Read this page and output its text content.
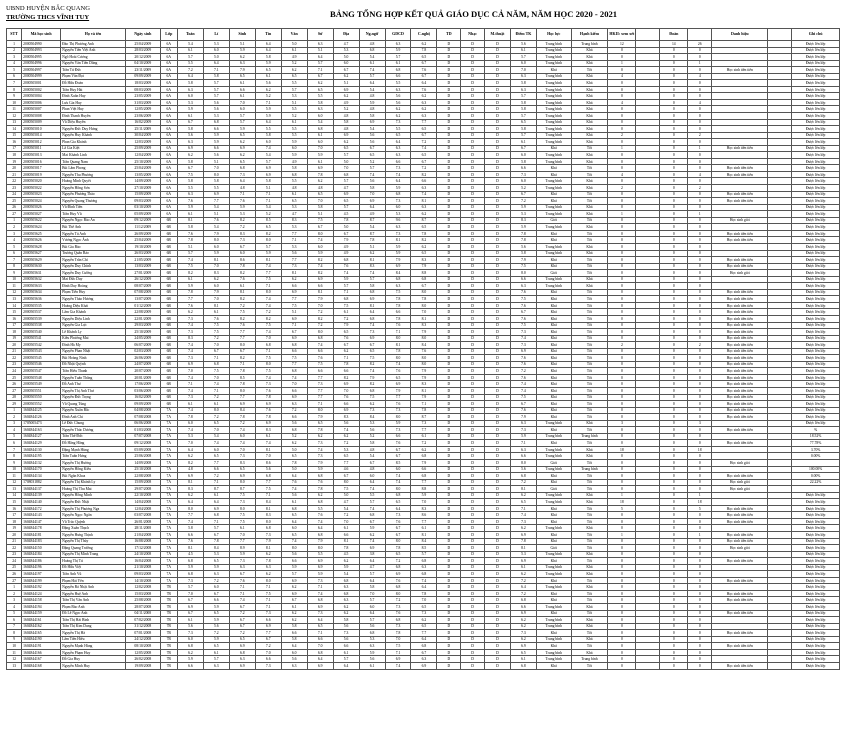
UBND HUYỆN BẮC QUANG
TRƯỜNG THCS VĨNH TUY	BẢNG TỔNG HỢP KẾT QUẢ GIÁO DỤC CẢ NĂM, NĂM HỌC 2020 - 2021
STT	Mã học sinh	Họ và tên	Ngày sinh	Lớp	Toán	Lí	Sinh	Tin	Văn	Sử	Địa	Ng.ngữ	GDCD	C.nghệ	TD	Nhạc	M.thuật	Điểm TK	Học lực	Hạnh kiểm	HKII: xem xét		Đoàn		Danh hiệu		Ghi chú
1	2000504990	Đào Thị Phương Anh	25/04/2009	6A	5.4	5.3	5.1	6.4	5.0	6.3	4.7	4.8	6.3	6.2	D	D	D	5.6	Trung bình	Trung bình	12		14	26			Được lên lớp
2	2000504993	Nguyễn Tiến Việt Anh	28/03/2009	6A	6.1	6.0	5.9	6.4	6.1	5.1	5.3	6.8	5.9	7.8	D	D	D	6.1	Trung bình	Khá	0		0	0			Được lên lớp
3	2000504995	Ngô Hoài Cương	20/12/2009	6A	5.7	5.0	6.2	5.8	4.9	6.4	5.0	5.4	5.7	6.5	D	D	D	5.7	Trung bình	Khá	0		0	0			Được lên lớp
4	2000504996	Nguyễn Văn Tiến Dũng	04/10/2009	6A	5.5	6.4	6.3	5.9	5.2	5.7	6.0	6.1	6.1	6.7	D	D	D	6.0	Trung bình	Khá	1		0	1			Được lên lớp
5	2000504997	Trần Tú Đức	23/11/2009	6A	7.2	7.1	7.9	6.5	6.2	7.1	6.7	7.4	6.8	7.6	D	D	D	7.0	Khá	Tốt	0		0	0	Học sinh tiên tiến		Được lên lớp
6	2000504999	Phạm Văn Đạt	09/09/2009	6A	6.4	5.8	6.5	6.1	6.5	6.7	6.2	5.7	6.6	6.7	D	D	D	6.3	Trung bình	Khá	4		0	4			Được lên lớp
7	2000505001	Đỗ Hữu Đoàn	18/03/2009	6A	5.8	5.7	6.1	5.6	5.5	6.2	5.1	6.4	5.5	6.4	D	D	D	5.8	Trung bình	Khá	0		0	0			Được lên lớp
8	2000505002	Trần Huy Hải	08/03/2009	6A	6.3	5.7	6.6	6.2	5.7	6.5	6.9	5.4	6.3	7.6	D	D	D	6.3	Trung bình	Khá	0		0	0			Được lên lớp
9	2000505004	Đinh Xuân Huy	23/05/2009	6A	6.0	5.7	6.1	5.2	5.3	5.5	6.2	4.8	5.6	6.2	D	D	D	5.7	Trung bình	Khá	0		0	0			Được lên lớp
10	2000505006	Lưu Gia Huy	31/03/2009	6A	5.3	5.6	7.0	7.1	5.1	5.8	4.9	5.9	5.6	6.3	D	D	D	5.8	Trung bình	Khá	4		0	4			Được lên lớp
11	2000505007	Phan Việt Huy	12/05/2009	6A	5.9	5.6	6.0	5.9	5.5	6.3	5.2	4.8	6.2	6.2	D	D	D	5.8	Trung bình	Khá	0		0	0			Được lên lớp
12	2000505008	Đinh Thanh Huyền	23/06/2009	6A	6.1	5.3	5.7	5.9	5.2	6.0	4.8	5.8	6.2	6.3	D	D	D	5.7	Trung bình	Khá	0		0	0			Được lên lớp
13	2000505009	Vũ Diệu Huyền	16/02/2009	6A	6.7	6.8	5.7	6.4	6.1	5.4	5.8	6.9	7.3	7.7	D	D	D	6.5	Trung bình	Khá	0		0	0			Được lên lớp
14	2000505010	Nguyễn Đức Duy Hưng	25/11/2009	6A	5.8	6.6	5.9	5.5	5.5	6.8	4.8	5.4	5.5	6.5	D	D	D	5.8	Trung bình	Khá	0		0	0			Được lên lớp
15	2000505014	Nguyễn Huy Khánh	30/04/2009	6A	5.6	5.9	6.5	5.8	5.5	6.1	6.9	5.6	6.5	6.7	D	D	D	5.7	Trung bình	Khá	2		0	2			Được lên lớp
16	2000505012	Phan Gia Khánh	12/03/2009	6A	6.3	5.9	6.2	6.0	5.9	6.0	6.2	5.6	6.4	7.2	D	D	D	6.1	Trung bình	Khá	0		0	0			Được lên lớp
17	2000505011	Lã Gia Kiệt	25/09/2009	6A	6.9	6.6	6.9	7.4	6.0	7.0	6.5	6.7	6.3	7.4	D	D	D	6.7	Khá	Tốt	1		0	1	Học sinh tiên tiến		Được lên lớp
18	2000505013	Mai Khánh Linh	12/04/2009	6A	6.2	5.6	6.2	5.4	5.9	5.9	5.7	6.5	6.3	6.5	D	D	D	6.0	Trung bình	Khá	0		0	0			Được lên lớp
19	2000505016	Trần Quang Nam	25/10/2009	6A	5.8	5.1	6.5	5.7	4.9	6.1	5.0	5.2	6.6	6.7	D	D	D	5.8	Trung bình	Khá	0		0	0			Được lên lớp
20	2000505017	Bùi Lâm Phong	25/04/2009	6A	6.7	7.0	6.8	6.9	5.8	6.9	7.0	5.7	7.3	7.2	D	D	D	6.6	Khá	Tốt	0		0	0	Học sinh tiên tiến		Được lên lớp
21	2000505019	Nguyễn Thu Phương	13/05/2009	6A	7.5	8.0	7.3	6.9	6.8	7.8	6.8	7.4	7.4	8.2	D	D	D	7.3	Khá	Tốt	4		0	4	Học sinh tiên tiến		Được lên lớp
22	2000505020	Hoàng Minh Quyết	14/09/2009	6A	5.8	5.8	6.4	5.8	5.5	6.2	5.7	5.6	6.4	6.6	D	D	D	6.0	Trung bình	Khá	0		0	0			Được lên lớp
23	2000505022	Nguyễn Hồng Sơn	27/10/2009	6A	5.5	5.5	4.8	5.1	4.8	4.8	4.7	5.8	5.9	6.3	D	D	D	5.2	Trung bình	Khá	2		0	2			Được lên lớp
24	2000505023	Nguyễn Phương Thảo	15/09/2009	6A	6.3	6.9	7.1	7.1	6.1	6.5	6.9	7.0	6.8	7.4	D	D	D	6.7	Khá	Tốt	0		0	0	Học sinh tiên tiến		Được lên lớp
25	2000505024	Nguyễn Quang Thương	09/03/2009	6A	7.6	7.7	7.6	7.1	6.5	7.0	6.5	6.9	7.3	8.1	D	D	D	7.2	Khá	Tốt	0		0	0	Học sinh tiên tiến		Được lên lớp
26	2000505026	Vũ Đình Tiến	03/10/2009	6A	5.9	5.4	5.9	5.4	5.3	5.8	5.7	6.4	6.0	6.3	D	D	D	5.9	Trung bình	Khá	0		0	0			Được lên lớp
27	2000505027	Trần Huy Vũ	05/09/2009	6A	6.1	5.1	5.3	5.2	4.7	5.1	4.5	4.9	5.3	6.2	D	D	D	5.3	Trung bình	Khá	1		0	1			Được lên lớp
1	2000505622	Nguyễn Ngọc Bảo An	09/12/2009	6B	8.1	7.6	8.2	8.5	8.3	7.5	7.8	8.7	9.6	8.7	D	D	D	8.3	Giỏi	Tốt	0		0	0	Học sinh giỏi		Được lên lớp
2	2000505624	Bùi Thế Anh	11/12/2009	6B	5.8	5.4	7.2	6.5	5.3	6.7	5.0	5.4	6.3	6.5	D	D	D	5.9	Trung bình	Khá	0		0	0			Được lên lớp
3	2000505625	Nguyễn Tú Anh	26/09/2009	6B	7.6	7.9	8.3	8.2	7.7	8.0	6.7	8.7	7.3	7.8	D	D	D	7.8	Khá	Tốt	0		0	0	Học sinh tiên tiến		Được lên lớp
4	2000505626	Vương Ngọc Ánh	25/04/2009	6B	7.8	8.0	7.3	8.0	7.1	7.4	7.9	7.8	8.1	8.2	D	D	D	7.8	Khá	Tốt	0		0	0	Học sinh tiên tiến		Được lên lớp
5	2000505628	Bùi Gia Bảo	19/10/2009	6B	5.1	6.0	6.7	5.7	5.3	6.0	4.9	5.1	5.9	6.2	D	D	D	5.6	Trung bình	Khá	0		0	0			Được lên lớp
6	2000505627	Trương Quân Bảo	26/03/2009	6B	5.7	5.9	6.0	5.9	5.6	5.9	4.9	6.2	5.9	6.5	D	D	D	5.8	Trung bình	Khá	0		0	0			Được lên lớp
7	2000505629	Nguyễn Trần Chí	21/05/2009	6B	7.4	8.1	8.6	8.1	7.7	8.2	6.8	8.1	7.9	8.3	D	D	D	7.9	Khá	Tốt	0		0	0	Học sinh tiên tiến		Được lên lớp
8	2000505630	Nguyễn Duy Chính	13/03/2009	6B	7.5	7.0	7.8	7.4	7.3	7.4	7.6	8.3	6.9	7.9	D	D	D	7.5	Khá	Tốt	0		0	0	Học sinh tiên tiến		Được lên lớp
9	2000505631	Nguyễn Duy Cường	27/01/2009	6B	8.2	8.3	8.2	7.7	8.1	8.2	7.4	7.4	8.4	8.8	D	D	D	8.0	Giỏi	Tốt	0		0	0	Học sinh giỏi		Được lên lớp
10	2000505632	Mai Đức Duy	26/12/2009	6B	6.1	6.2	7.6	7.5	6.2	6.9	5.9	5.7	6.8	6.8	D	D	D	6.6	Trung bình	Khá	0		0	0			Được lên lớp
11	2000505633	Đinh Duy Hoàng	08/07/2009	6B	5.9	6.0	6.1	7.1	6.6	6.6	5.7	5.8	6.3	6.7	D	D	D	6.3	Trung bình	Khá	0		0	0			Được lên lớp
12	2000505634	Phạm Tiến Huy	07/08/2009	6B	7.8	7.9	8.1	8.0	6.9	8.1	7.1	6.8	7.5	8.0	D	D	D	7.6	Khá	Tốt	0		0	0	Học sinh tiên tiến		Được lên lớp
13	2000505636	Nguyễn Thảo Hương	13/07/2009	6B	7.7	7.0	8.2	7.4	7.7	7.9	6.8	6.9	7.8	7.8	D	D	D	7.5	Khá	Tốt	0		0	0	Học sinh tiên tiến		Được lên lớp
14	2000505535	Hoàng Diệu Khải	01/12/2009	6B	7.6	8.1	7.2	7.4	7.5	7.0	7.5	8.1	7.8	8.0	D	D	D	7.6	Khá	Tốt	0		0	0	Học sinh tiên tiến		Được lên lớp
15	2000505537	Lâm Gia Khánh	22/08/2009	6B	6.2	6.1	7.5	7.2	5.1	7.2	6.1	6.4	6.6	7.0	D	D	D	6.7	Khá	Tốt	0		0	0	Học sinh tiên tiến		Được lên lớp
16	2000505539	Nguyễn Diệu Linh	22/01/2009	6B	7.3	7.6	8.2	8.2	6.9	8.2	7.2	6.8	7.8	8.1	D	D	D	7.6	Khá	Tốt	0		0	0	Học sinh tiên tiến		Được lên lớp
17	2000505538	Nguyễn Gia Lực	29/03/2009	6B	7.4	7.5	7.6	7.5	7.1	7.2	7.9	7.4	7.6	8.3	D	D	D	7.5	Khá	Tốt	0		0	0	Học sinh tiên tiến		Được lên lớp
18	2000505540	Lê Khánh Ly	25/10/2009	6B	7.3	7.5	7.7	7.4	6.7	8.0	6.5	7.3	7.1	7.9	D	D	D	7.3	Khá	Tốt	0		0	0	Học sinh tiên tiến		Được lên lớp
19	2000505541	Kiều Phương Mai	24/05/2009	6B	8.3	7.2	7.7	7.0	6.9	6.8	7.6	6.9	8.0	8.0	D	D	D	7.4	Khá	Tốt	0		0	0	Học sinh tiên tiến		Được lên lớp
20	2000505542	Đinh Hà My	06/07/2009	6B	7.4	7.0	8.0	6.8	6.8	7.4	6.7	6.7	8.1	8.4	D	D	D	7.3	Khá	Tốt	2		0	2	Học sinh tiên tiến		Được lên lớp
21	2000505543	Nguyễn Phan Nhật	02/03/2009	6B	7.4	6.7	6.7	7.1	6.6	6.6	6.2	6.5	7.8	7.6	D	D	D	6.9	Khá	Tốt	0		0	0	Học sinh tiên tiến		Được lên lớp
22	2000505545	Bùi Hoàng Ninh	26/06/2009	6B	7.3	7.1	8.2	7.5	7.5	7.6	7.1	7.5	8.0	8.0	D	D	D	7.6	Khá	Tốt	0		0	0	Học sinh tiên tiến		Được lên lớp
23	2000505546	Đỗ Nhật Quỳnh	24/07/2009	6B	6.9	6.8	7.1	8.0	7.7	7.5	7.8	8.2	7.4	8.0	D	D	D	7.6	Khá	Tốt	0		0	0	Học sinh tiên tiến		Được lên lớp
24	2000505547	Trần Hiếu Thanh	20/07/2009	6B	7.0	7.5	7.8	7.5	6.8	6.6	6.6	7.4	7.6	7.9	D	D	D	7.2	Khá	Tốt	0		0	0	Học sinh tiên tiến		Được lên lớp
25	2000505548	Nguyễn Tuấn Thắng	20/01/2009	6B	7.4	7.0	8.5	7.4	7.4	7.7	8.2	7.9	6.5	7.9	D	D	D	7.6	Khá	Tốt	0		0	0	Học sinh tiên tiến		Được lên lớp
26	2000505549	Đỗ Anh Thư	17/06/2009	6B	7.1	7.4	7.8	7.3	7.0	7.3	6.9	8.2	6.9	8.3	D	D	D	7.4	Khá	Tốt	0		0	0	Học sinh tiên tiến		Được lên lớp
27	2000505551	Nguyễn Thị Anh Thư	03/06/2009	6B	7.4	7.1	8.0	7.6	6.6	7.7	7.0	6.8	7.9	8.1	D	D	D	7.4	Khá	Tốt	0		0	0	Học sinh tiên tiến		Được lên lớp
28	2000505550	Nguyễn Đức Trọng	16/02/2009	6B	7.3	7.2	7.7	7.8	6.9	7.7	7.6	7.5	7.7	7.9	D	D	D	7.5	Khá	Tốt	0		0	0	Học sinh tiên tiến		Được lên lớp
29	2000505552	Vũ Quang Tùng	09/09/2009	6B	6.1	6.1	6.9	6.9	6.3	7.1	6.6	6.2	7.6	7.1	D	D	D	6.7	Khá	Tốt	0		0	0	Học sinh tiên tiến		Được lên lớp
1	1604844125	Nguyễn Xuân Bắc	04/08/2008	7A	7.4	8.0	8.4	7.6	7.2	8.0	6.9	7.3	7.3	7.8	D	D	D	7.6	Khá	Tốt	0		0	0	Học sinh tiên tiến		Được lên lớp
2	1604844126	Đinh Anh Chi	07/08/2008	7A	7.8	7.2	7.8	7.8	6.6	7.9	8.3	8.4	8.0	8.7	D	D	D	7.9	Khá	Tốt	0		0	0	Học sinh tiên tiến		Được lên lớp
3	1705005473	Lê Đức Chung	06/06/2008	7A	6.0	6.5	7.2	6.9	5.6	6.5	5.6	5.3	5.9	7.3	D	D	D	6.3	Trung bình	Khá	3		0	3			Được lên lớp
4	1604844163	Nguyễn Thúc Dương	01/03/2008	7A	7.4	7.0	7.4	8.3	6.8	7.8	7.4	5.6	7.3	7.7	D	D	D	7.3	Khá	Tốt	0		0	0	Học sinh tiên tiến		%
5	1604844127	Trần Thế Đức	07/07/2008	7A	5.3	5.4	6.0	6.1	5.2	6.2	6.2	5.2	6.6	6.1	D	D	D	5.9	Trung bình	Trung bình	0		0	0			18.52%
6	1604844129	Đỗ Hằng Hằng	09/12/2008	7A	7.0	7.4	7.4	7.4	6.2	7.3	7.2	5.8	7.6	7.2	D	D	D	7.1	Khá	Tốt	0		0	0	Học sinh tiên tiến		77.78%
7	1604844130	Đặng Mạnh Hùng	05/09/2008	7A	6.4	6.0	7.0	8.1	5.0	7.4	5.3	4.8	6.7	6.2	D	D	D	6.3	Trung bình	Khá	18		0	18			3.70%
8	1604844195	Trần Tuấn Hưng	25/06/2008	7A	6.2	6.5	7.3	7.0	6.5	7.3	6.5	5.4	6.7	6.8	D	D	D	6.6	Trung bình	Khá	0		0	0			0.00%
9	1604844132	Nguyễn Thị Hương	14/09/2008	7A	8.2	7.7	8.3	8.6	7.8	7.9	7.7	6.7	8.5	7.9	D	D	D	8.0	Giỏi	Tốt	0		0	0	Học sinh giỏi		
10	1604844170	Nguyễn Hồng Kiều	25/10/2008	7A	4.8	6.6	6.5	5.6	5.0	5.9	4.6	4.8	6.0	6.6	D	D	D	5.6	Trung bình	Trung bình	0		0	0			100.00%
11	1604844134	Bùi Ngân Khoa	22/08/2008	7A	6.9	7.2	6.9	6.8	6.4	6.8	6.7	6.0	7.4	6.8	D	D	D	6.8	Khá	Tốt	0		0	0	Học sinh tiên tiến		0.00%
12	1708031882	Nguyễn Thị Khánh Ly	15/09/2008	7A	8.1	7.1	8.0	7.7	7.6	7.6	8.0	6.4	7.4	7.7	D	D	D	7.2	Khá	Tốt	0		0	0	Học sinh giỏi		22.22%
13	1604844137	Hoàng Thị Thu Mai	29/07/2008	7A	8.3	8.7	8.7	7.5	7.4	7.8	7.5	7.4	8.0	8.8	D	D	D	8.1	Giỏi	Tốt	0		0	0	Học sinh giỏi		
14	1604844139	Nguyễn Hồng Minh	22/10/2008	7A	6.2	6.1	7.5	7.1	5.6	6.2	5.0	5.5	6.8	5.9	D	D	D	6.2	Trung bình	Khá	1		0	1			Được lên lớp
15	1604844140	Nguyễn Đức Nhật	14/04/2008	7A	6.4	6.4	7.3	8.4	6.1	6.8	4.7	5.7	6.5	7.0	D	D	D	6.5	Trung bình	Khá	18		0	18			Được lên lớp
16	1604844172	Nguyễn Thị Phương Nga	12/04/2008	7A	8.0	6.9	8.0	8.1	6.8	5.5	5.4	7.4	6.4	8.3	D	D	D	7.1	Khá	Tốt	5		0	5	Học sinh tiên tiến		Được lên lớp
17	1604844143	Nguyễn Ngọc Ngân	03/07/2008	7A	7.7	6.8	7.5	8.3	6.5	7.6	7.2	6.8	7.3	8.6	D	D	D	7.4	Khá	Tốt	0		0	0	Học sinh tiên tiến		Được lên lớp
18	1604844147	Vũ Trúc Quỳnh	26/01/2008	7A	7.4	7.1	7.5	8.0	6.4	7.4	7.0	6.7	7.6	7.7	D	D	D	7.3	Khá	Tốt	0		0	0	Học sinh tiên tiến		Được lên lớp
19	1604844178	Đặng Xuân Thạch	28/11/2008	7A	5.8	5.7	6.1	6.8	6.0	6.4	6.1	5.9	6.7	6.1	D	D	D	6.2	Trung bình	Khá	0		0	0			Được lên lớp
20	1604844181	Nguyễn Hưng Thịnh	21/04/2008	7A	6.6	6.7	7.0	7.3	6.5	6.8	6.6	6.2	6.7	8.1	D	D	D	6.9	Khá	Tốt	1		0	1	Học sinh tiên tiến		Được lên lớp
21	1604844183	Nguyễn Thị Thúy	16/08/2008	7A	7.6	7.8	7.7	7.9	7.4	7.9	8.1	7.4	8.0	8.4	D	D	D	7.8	Khá	Tốt	0		0	0	Học sinh tiên tiến		Được lên lớp
22	1604844150	Đặng Quang Trường	17/12/2008	7A	8.1	8.4	8.9	8.1	8.0	8.0	7.8	6.9	7.8	8.5	D	D	D	8.1	Giỏi	Tốt	0		0	0	Học sinh giỏi		Được lên lớp
23	1604844184	Nguyễn Thị Minh Trang	24/10/2008	7A	4.5	5.3	5.9	6.2	5.6	5.5	4.5	3.8	6.5	5.7	D	D	D	5.3	Trung bình	Khá	0		0	0			Được lên lớp
24	1604844186	Hoàng Thị Tú	16/04/2008	7A	6.8	6.5	7.3	7.8	6.6	6.9	6.2	6.4	7.2	6.8	D	D	D	6.9	Khá	Tốt	0		0	0	Học sinh tiên tiến		Được lên lớp
25	1604844196	Đỗ Hữu Việt	21/10/2008	7A	5.9	5.9	6.3	6.3	5.9	6.9	5.9	4.7	6.8	6.3	D	D	D	6.1	Trung bình	Khá	0		0	0			Được lên lớp
26	1604844197	Trần Anh Vũ	09/03/2008	7A	6.8	6.3	6.7	6.2	5.7	5.9	5.4	5.7	6.9	6.8	D	D	D	6.2	Trung bình	Khá	0		0	0			Được lên lớp
27	1604844199	Phạm Hải Yến	14/10/2008	7A	7.3	7.2	7.6	8.0	6.9	7.3	6.8	6.4	7.6	7.4	D	D	D	7.2	Khá	Tốt	0		0	0	Học sinh tiên tiến		Được lên lớp
1	1604844192	Nguyễn Bá Nhật Anh	12/02/2008	7B	5.7	6.0	7.1	7.1	6.2	7.1	6.3	5.8	6.8	6.4	D	D	D	6.4	Trung bình	Khá	0		0	0			Được lên lớp
2	1604844124	Nguyễn Huệ Anh	15/03/2008	7B	7.0	6.7	7.1	7.5	6.9	7.4	6.8	7.0	8.0	7.8	D	D	D	7.2	Khá	Tốt	0		0	0	Học sinh tiên tiến		Được lên lớp
3	1604844158	Trần Thị Vân Anh	25/08/2008	7B	6.7	6.6	7.4	7.1	6.7	6.8	6.3	5.7	7.2	7.0	D	D	D	6.8	Khá	Tốt	0		0	0	Học sinh tiên tiến		Được lên lớp
4	1604844194	Phạm Bảo Anh	28/07/2008	7B	6.9	5.9	6.7	7.1	6.1	6.9	6.2	6.0	7.3	6.5	D	D	D	6.6	Trung bình	Khá	0		0	0			Được lên lớp
5	1604844159	Đỗ Lê Ngọc Anh	04/11/2008	7B	6.7	6.5	7.2	7.3	6.2	7.3	6.2	6.4	7.6	7.3	D	D	D	6.9	Khá	Tốt	0		0	0	Học sinh tiên tiến		Được lên lớp
6	1604844161	Trần Thị Hải Bình	07/02/2008	7B	6.1	5.9	6.7	6.6	6.2	6.4	5.8	5.7	6.8	6.2	D	D	D	6.2	Trung bình	Khá	0		0	0			Được lên lớp
7	1604844162	Trần Thị Kim Dung	31/12/2008	7B	5.6	5.6	6.7	6.9	5.8	6.5	5.6	5.6	7.3	6.5	D	D	D	6.2	Trung bình	Khá	0		0	0			Được lên lớp
8	1604844165	Nguyễn Thị Hà	07/01/2008	7B	7.3	7.2	7.2	7.7	6.6	7.1	7.3	6.8	7.8	7.7	D	D	D	7.3	Khá	Tốt	0		0	0	Học sinh tiên tiến		Được lên lớp
9	1604844190	Lâm Tiến Hiếu	24/12/2008	7B	6.0	5.9	6.5	6.7	5.8	6.6	5.6	5.3	7.0	6.4	D	D	D	6.2	Trung bình	Khá	0		0	0			Được lên lớp
10	1604844191	Nguyễn Mạnh Hùng	08/10/2008	7B	6.8	6.5	6.9	7.2	6.4	7.0	6.6	6.3	7.5	6.8	D	D	D	6.9	Khá	Tốt	0		0	0	Học sinh tiên tiến		Được lên lớp
11	1604844166	Nguyễn Phạm Huy	12/05/2008	7B	6.2	6.1	6.8	7.0	6.0	6.8	6.1	5.9	7.1	6.7	D	D	D	6.5	Trung bình	Khá	0		0	0			Được lên lớp
12	1604844167	Đỗ Gia Huy	26/02/2008	7B	5.9	5.7	6.3	6.6	5.6	6.4	5.7	5.6	6.9	6.3	D	D	D	6.1	Trung bình	Trung bình	0		0	0			Được lên lớp
13	1604844168	Nguyễn Minh Huy	19/09/2008	7B	6.6	6.3	6.9	7.3	6.3	6.9	6.4	6.1	7.4	6.9	D	D	D	6.8	Khá	Tốt	0		0	0	Học sinh tiên tiến		Được lên lớp
